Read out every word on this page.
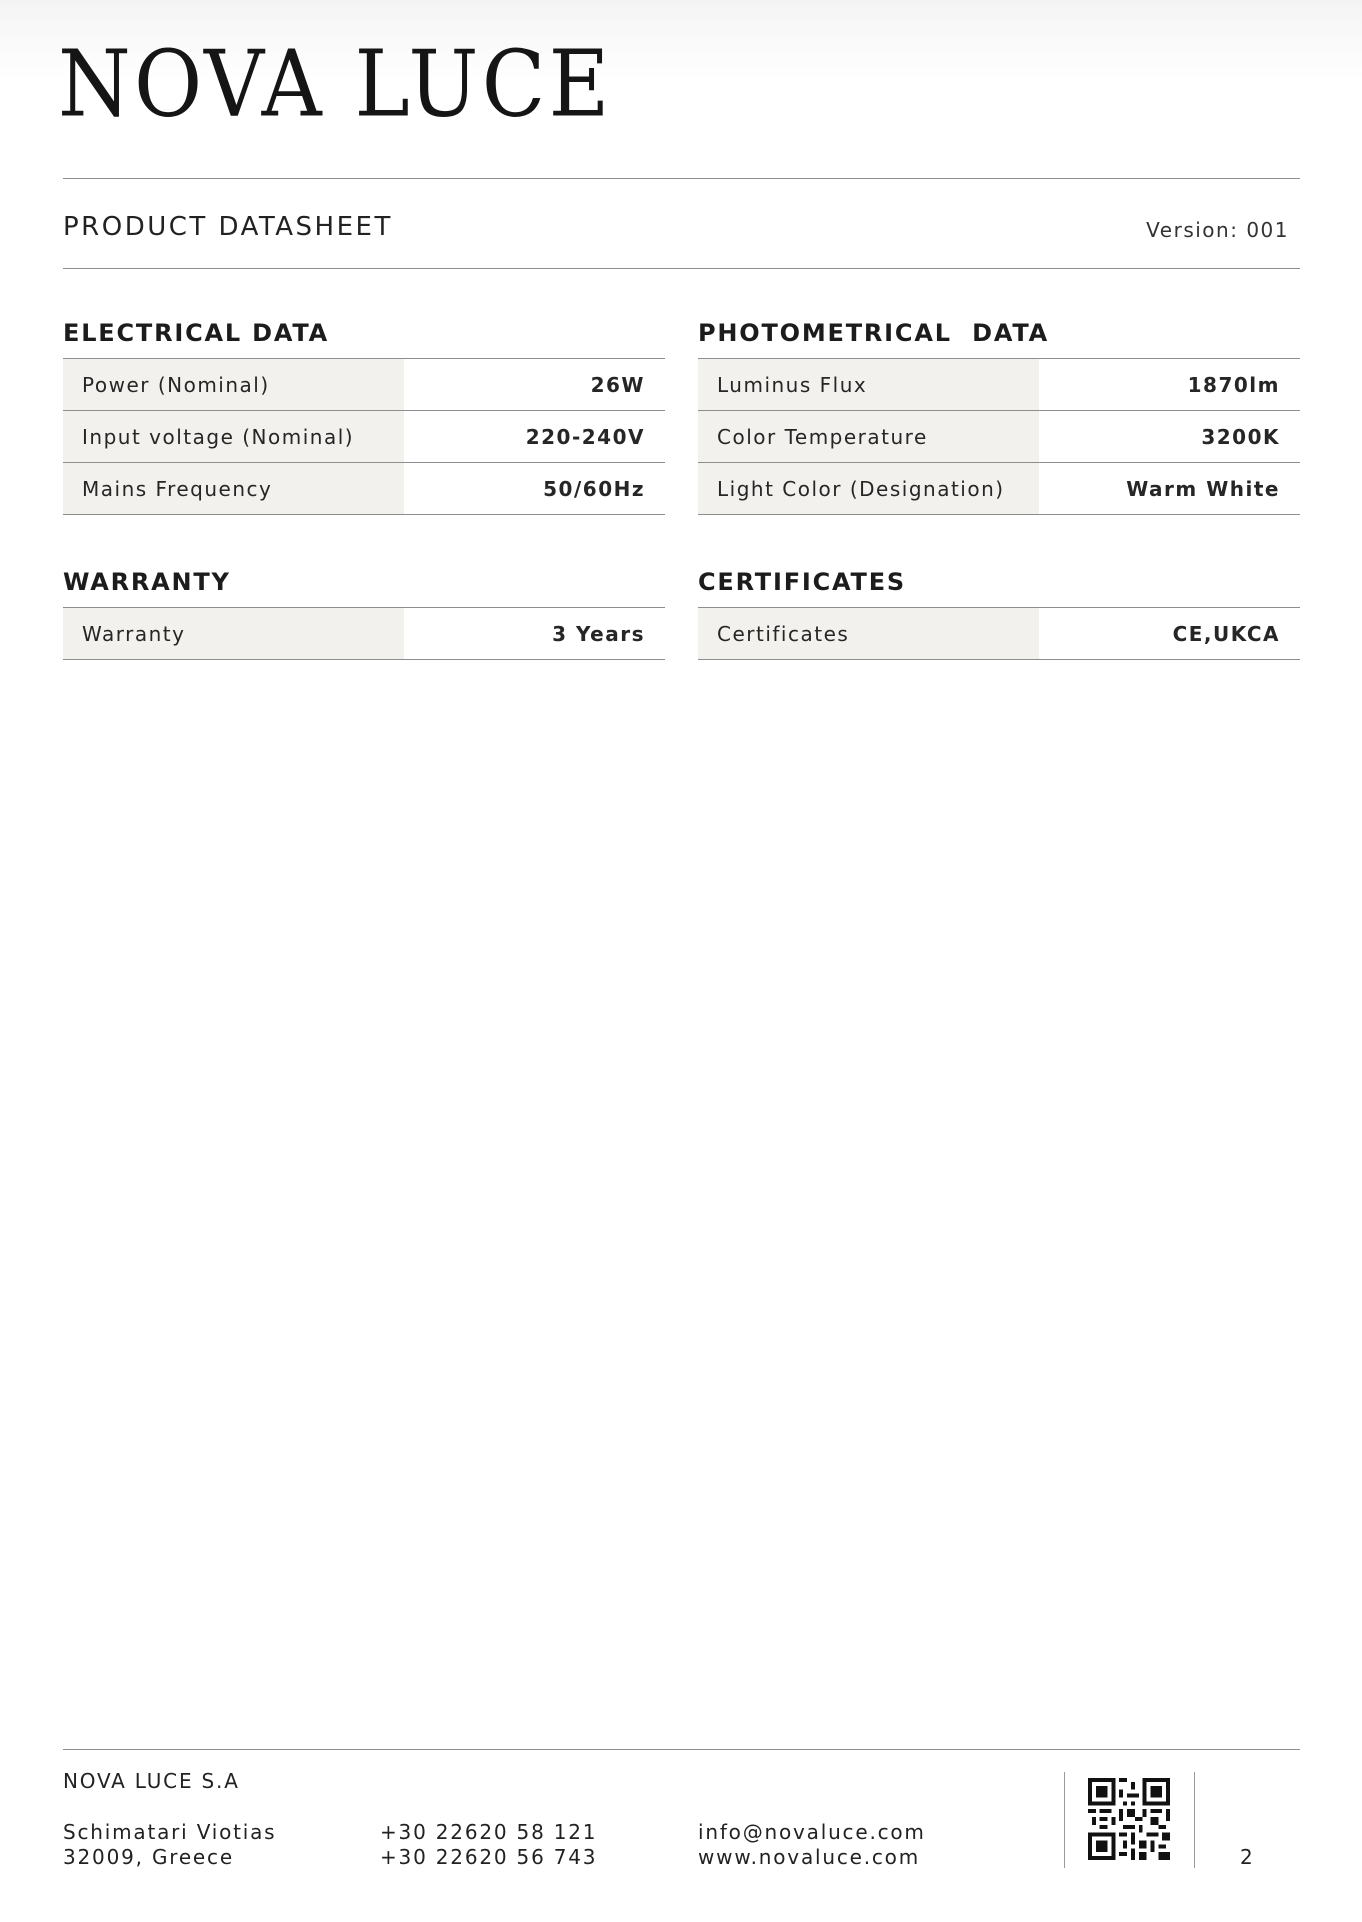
NOVA LUCE
PRODUCT DATASHEET	Version: 001
ELECTRICAL DATA
Power (Nominal)	26W
Input voltage (Nominal)	220-240V
Mains Frequency	50/60Hz
PHOTOMETRICAL  DATA
Luminus Flux	1870lm
Color Temperature	3200K
Light Color (Designation)	Warm White
WARRANTY
Warranty	3 Years
CERTIFICATES
Certificates	CE,UKCA
NOVA LUCE S.A
Schimatari Viotias
32009, Greece
+30 22620 58 121
+30 22620 56 743
info@novaluce.com
www.novaluce.com	2
